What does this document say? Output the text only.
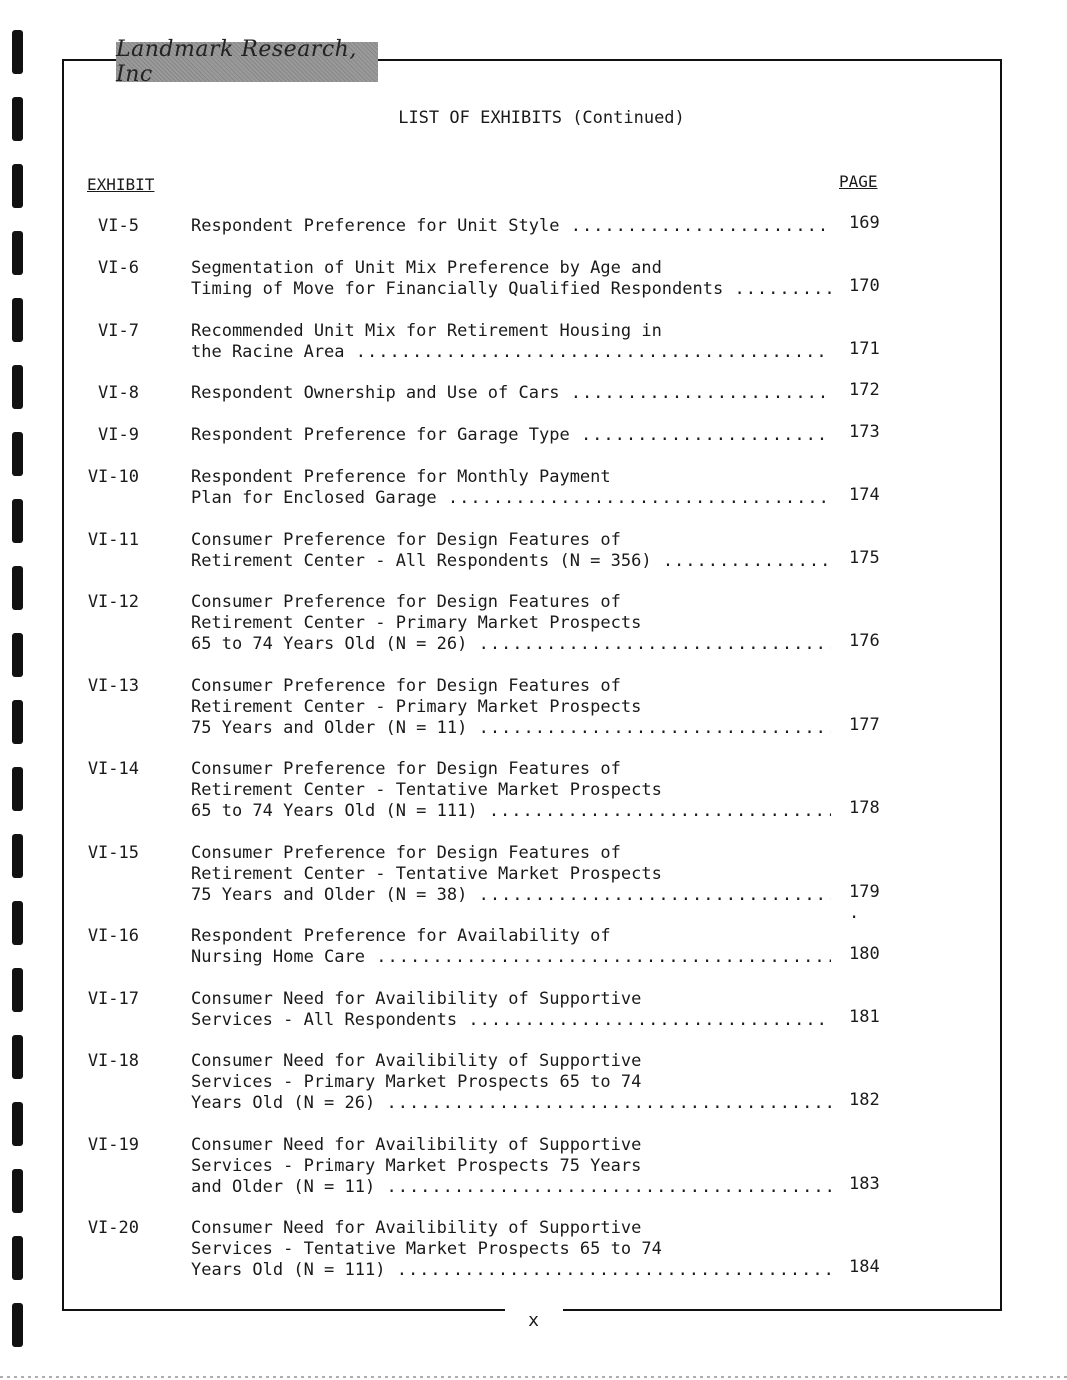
Landmark Research, Inc
LIST OF EXHIBITS (Continued)
EXHIBIT	PAGE
VI-5	Respondent Preference for Unit Style .....	169
VI-6	Segmentation of Unit Mix Preference by Age and
Timing of Move for Financially Qualified Respondents .....	170
VI-7	Recommended Unit Mix for Retirement Housing in
the Racine Area .....	171
VI-8	Respondent Ownership and Use of Cars .....	172
VI-9	Respondent Preference for Garage Type .....	173
VI-10	Respondent Preference for Monthly Payment
Plan for Enclosed Garage .....	174
VI-11	Consumer Preference for Design Features of
Retirement Center - All Respondents (N = 356) .....	175
VI-12	Consumer Preference for Design Features of
Retirement Center - Primary Market Prospects
65 to 74 Years Old (N = 26) .....	176
VI-13	Consumer Preference for Design Features of
Retirement Center - Primary Market Prospects
75 Years and Older (N = 11) .....	177
VI-14	Consumer Preference for Design Features of
Retirement Center - Tentative Market Prospects
65 to 74 Years Old (N = 111) .....	178
VI-15	Consumer Preference for Design Features of
Retirement Center - Tentative Market Prospects
75 Years and Older (N = 38) .....	179 .
VI-16	Respondent Preference for Availability of
Nursing Home Care .....	180
VI-17	Consumer Need for Availibility of Supportive
Services - All Respondents .....	181
VI-18	Consumer Need for Availibility of Supportive
Services - Primary Market Prospects 65 to 74
Years Old (N = 26) .....	182
VI-19	Consumer Need for Availibility of Supportive
Services - Primary Market Prospects 75 Years
and Older (N = 11) .....	183
VI-20	Consumer Need for Availibility of Supportive
Services - Tentative Market Prospects 65 to 74
Years Old (N = 111) .....	184
x
